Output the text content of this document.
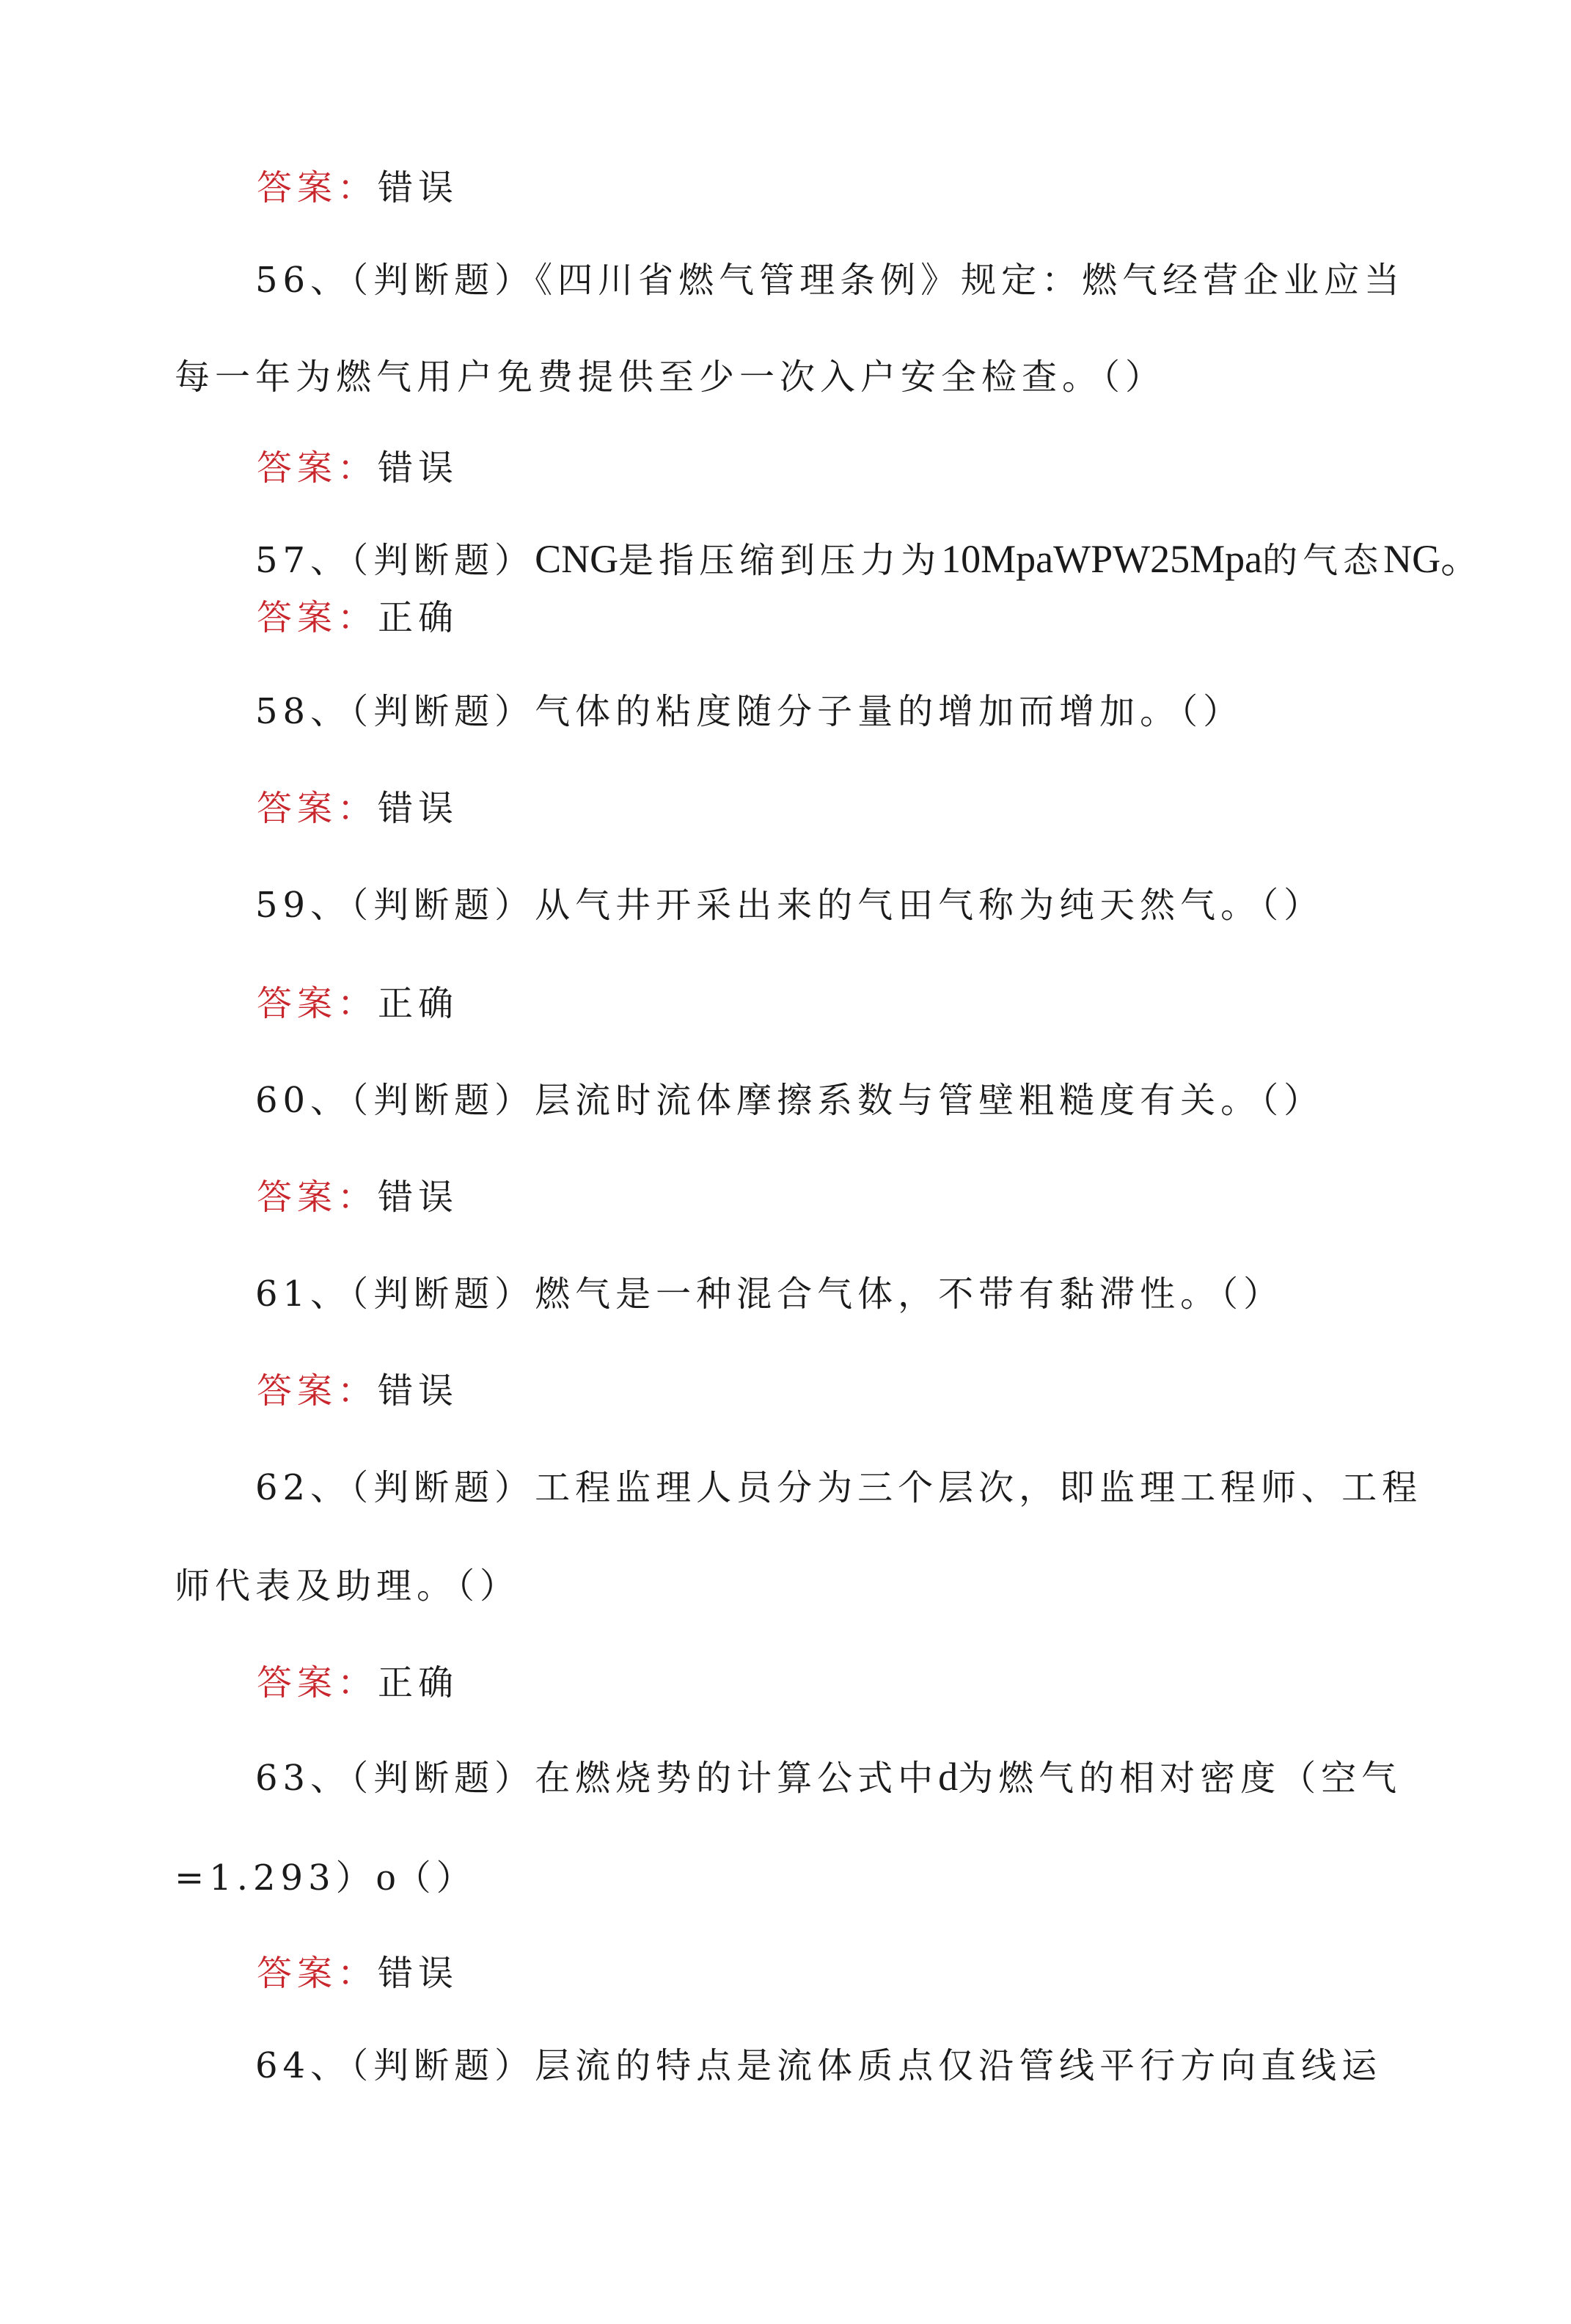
答案：错误
56、（判断题）《四川省燃气管理条例》规定：燃气经营企业应当
每一年为燃气用户免费提供至少一次入户安全检查。（）
答案：错误
57、（判断题）CNG是指压缩到压力为10MpaWPW25Mpa的气态NG。
答案：正确
58、（判断题）气体的粘度随分子量的增加而增加。（）
答案：错误
59、（判断题）从气井开采出来的气田气称为纯天然气。（）
答案：正确
60、（判断题）层流时流体摩擦系数与管壁粗糙度有关。（）
答案：错误
61、（判断题）燃气是一种混合气体，不带有黏滞性。（）
答案：错误
62、（判断题）工程监理人员分为三个层次，即监理工程师、工程
师代表及助理。（）
答案：正确
63、（判断题）在燃烧势的计算公式中d为燃气的相对密度（空气
=1.293）o（）
答案：错误
64、（判断题）层流的特点是流体质点仅沿管线平行方向直线运
